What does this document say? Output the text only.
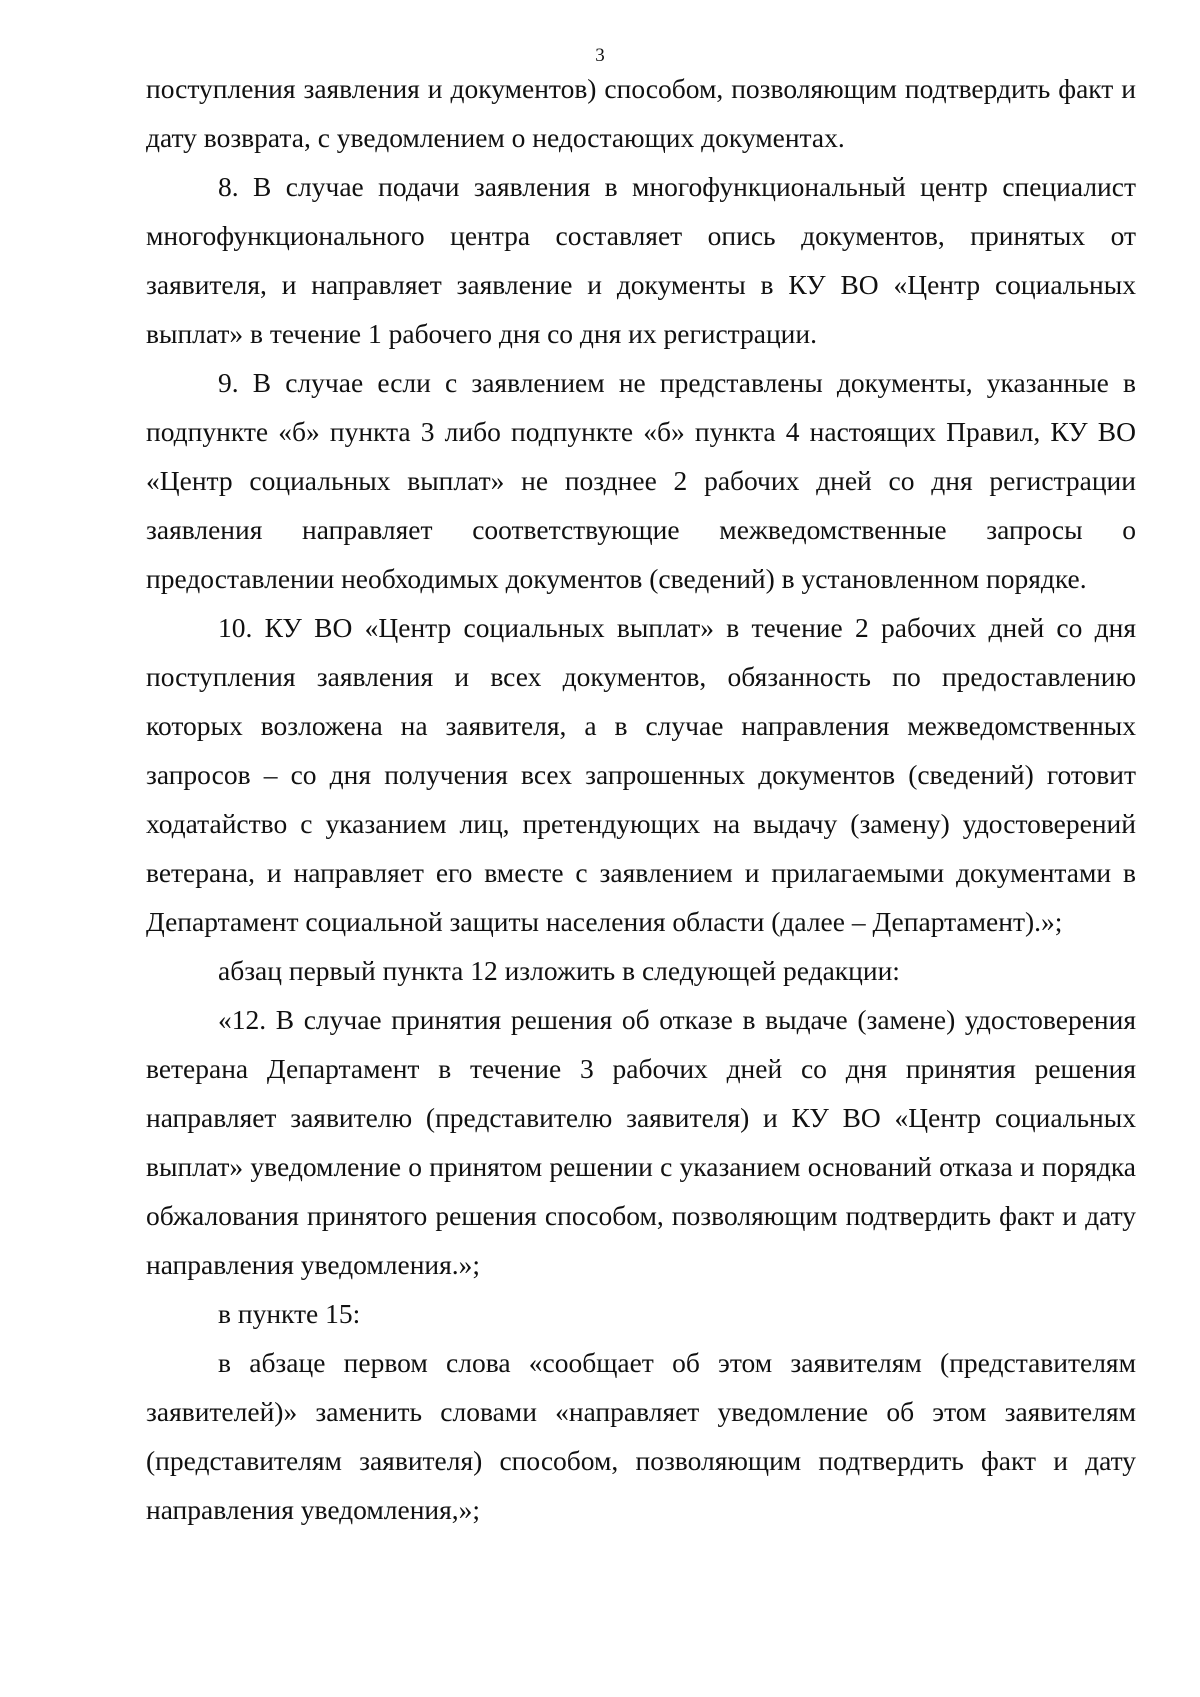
3

поступления заявления и документов) способом, позволяющим подтвердить факт и дату возврата, с уведомлением о недостающих документах.

8. В случае подачи заявления в многофункциональный центр специалист многофункционального центра составляет опись документов, принятых от заявителя, и направляет заявление и документы в КУ ВО «Центр социальных выплат» в течение 1 рабочего дня со дня их регистрации.

9. В случае если с заявлением не представлены документы, указанные в подпункте «б» пункта 3 либо подпункте «б» пункта 4 настоящих Правил, КУ ВО «Центр социальных выплат» не позднее 2 рабочих дней со дня регистрации заявления направляет соответствующие межведомственные запросы о предоставлении необходимых документов (сведений) в установленном порядке.

10. КУ ВО «Центр социальных выплат» в течение 2 рабочих дней со дня поступления заявления и всех документов, обязанность по предоставлению которых возложена на заявителя, а в случае направления межведомственных запросов – со дня получения всех запрошенных документов (сведений) готовит ходатайство с указанием лиц, претендующих на выдачу (замену) удостоверений ветерана, и направляет его вместе с заявлением и прилагаемыми документами в Департамент социальной защиты населения области (далее – Департамент).»;

абзац первый пункта 12 изложить в следующей редакции:

«12. В случае принятия решения об отказе в выдаче (замене) удостоверения ветерана Департамент в течение 3 рабочих дней со дня принятия решения направляет заявителю (представителю заявителя) и КУ ВО «Центр социальных выплат» уведомление о принятом решении с указанием оснований отказа и порядка обжалования принятого решения способом, позволяющим подтвердить факт и дату направления уведомления.»;

в пункте 15:

в абзаце первом слова «сообщает об этом заявителям (представителям заявителей)» заменить словами «направляет уведомление об этом заявителям (представителям заявителя) способом, позволяющим подтвердить факт и дату направления уведомления,»;
